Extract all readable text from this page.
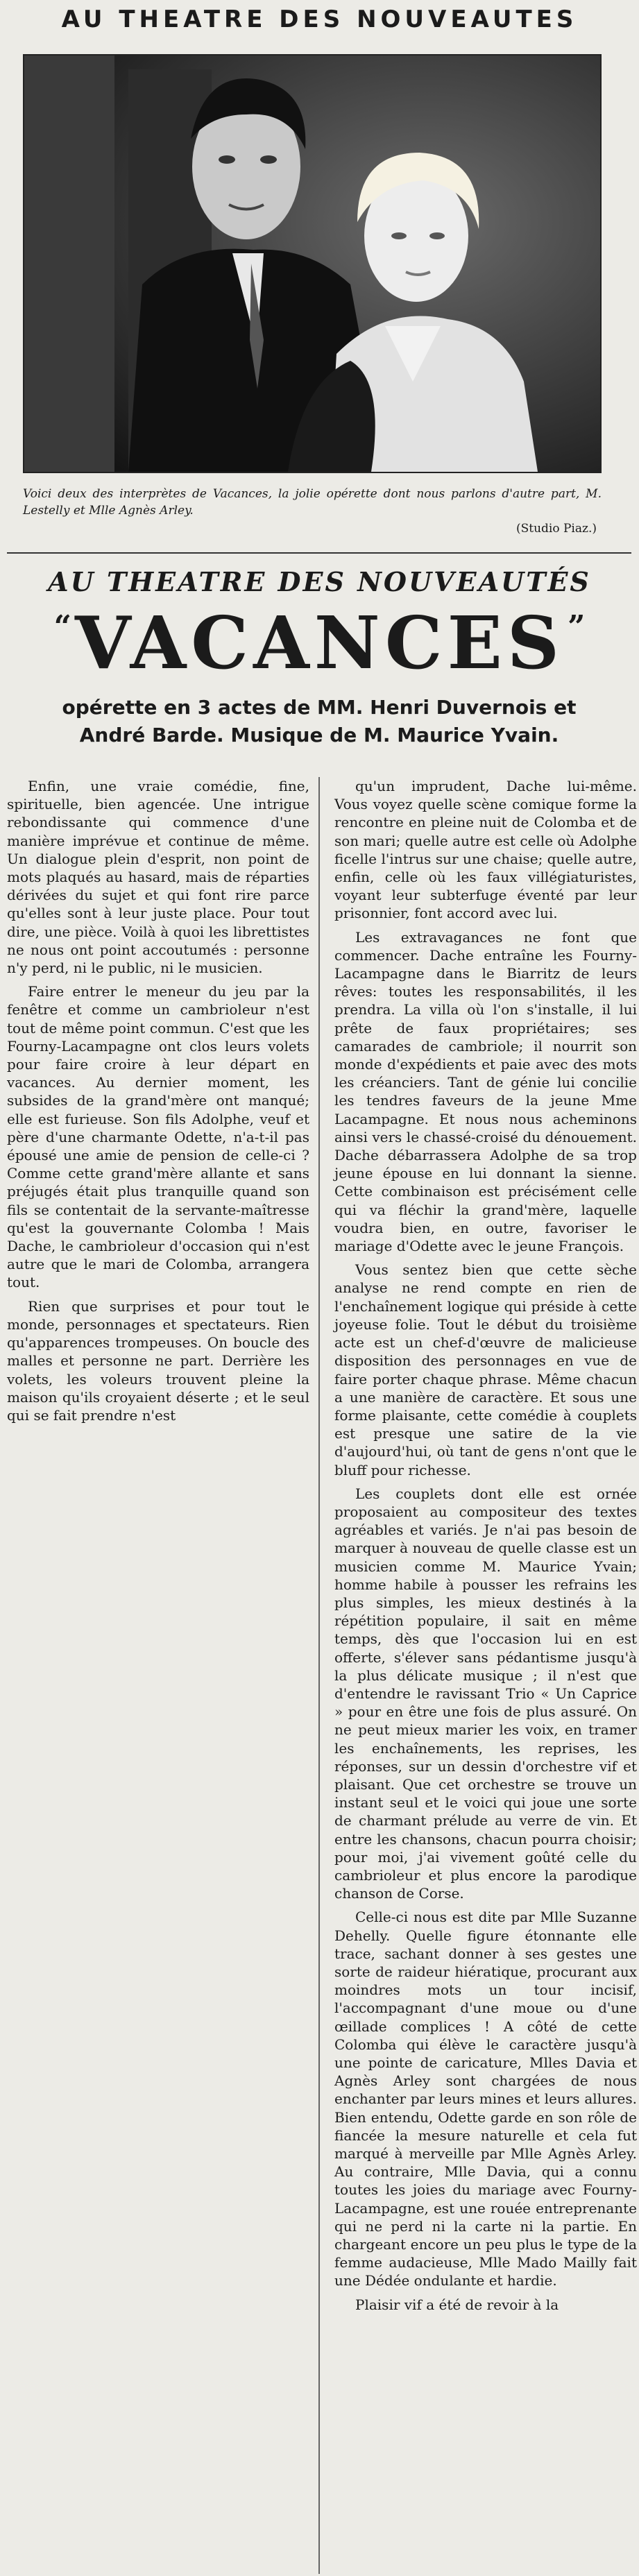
AU THEATRE DES NOUVEAUTES
Voici deux des interprètes de Vacances, la jolie opérette dont nous parlons d'autre part, M. Lestelly et Mlle Agnès Arley.
(Studio Piaz.)
AU THEATRE DES NOUVEAUTÉS
“ VACANCES ”
opérette en 3 actes de MM. Henri Duvernois et André Barde. Musique de M. Maurice Yvain.

Enfin, une vraie comédie, fine, spirituelle, bien agencée. Une intrigue rebondissante qui commence d'une manière imprévue et continue de même. Un dialogue plein d'esprit, non point de mots plaqués au hasard, mais de réparties dérivées du sujet et qui font rire parce qu'elles sont à leur juste place. Pour tout dire, une pièce. Voilà à quoi les librettistes ne nous ont point accoutumés : personne n'y perd, ni le public, ni le musicien.

Faire entrer le meneur du jeu par la fenêtre et comme un cambrioleur n'est tout de même point commun. C'est que les Fourny-Lacampagne ont clos leurs volets pour faire croire à leur départ en vacances. Au dernier moment, les subsides de la grand'mère ont manqué; elle est furieuse. Son fils Adolphe, veuf et père d'une charmante Odette, n'a-t-il pas épousé une amie de pension de celle-ci ? Comme cette grand'mère allante et sans préjugés était plus tranquille quand son fils se contentait de la servante-maîtresse qu'est la gouvernante Colomba ! Mais Dache, le cambrioleur d'occasion qui n'est autre que le mari de Colomba, arrangera tout.

Rien que surprises et pour tout le monde, personnages et spectateurs. Rien qu'apparences trompeuses. On boucle des malles et personne ne part. Derrière les volets, les voleurs trouvent pleine la maison qu'ils croyaient déserte ; et le seul qui se fait prendre n'est

qu'un imprudent, Dache lui-même. Vous voyez quelle scène comique forme la rencontre en pleine nuit de Colomba et de son mari; quelle autre est celle où Adolphe ficelle l'intrus sur une chaise; quelle autre, enfin, celle où les faux villégiaturistes, voyant leur subterfuge éventé par leur prisonnier, font accord avec lui.

Les extravagances ne font que commencer. Dache entraîne les Fourny-Lacampagne dans le Biarritz de leurs rêves: toutes les responsabilités, il les prendra. La villa où l'on s'installe, il lui prête de faux propriétaires; ses camarades de cambriole; il nourrit son monde d'expédients et paie avec des mots les créanciers. Tant de génie lui concilie les tendres faveurs de la jeune Mme Lacampagne. Et nous nous acheminons ainsi vers le chassé-croisé du dénouement. Dache débarrassera Adolphe de sa trop jeune épouse en lui donnant la sienne. Cette combinaison est précisément celle qui va fléchir la grand'mère, laquelle voudra bien, en outre, favoriser le mariage d'Odette avec le jeune François.

Vous sentez bien que cette sèche analyse ne rend compte en rien de l'enchaînement logique qui préside à cette joyeuse folie. Tout le début du troisième acte est un chef-d'œuvre de malicieuse disposition des personnages en vue de faire porter chaque phrase. Même chacun a une manière de caractère. Et sous une forme plaisante, cette comédie à couplets est presque une satire de la vie d'aujourd'hui, où tant de gens n'ont que le bluff pour richesse.

Les couplets dont elle est ornée proposaient au compositeur des textes agréables et variés. Je n'ai pas besoin de marquer à nouveau de quelle classe est un musicien comme M. Maurice Yvain; homme habile à pousser les refrains les plus simples, les mieux destinés à la répétition populaire, il sait en même temps, dès que l'occasion lui en est offerte, s'élever sans pédantisme jusqu'à la plus délicate musique ; il n'est que d'entendre le ravissant Trio « Un Caprice » pour en être une fois de plus assuré. On ne peut mieux marier les voix, en tramer les enchaînements, les reprises, les réponses, sur un dessin d'orchestre vif et plaisant. Que cet orchestre se trouve un instant seul et le voici qui joue une sorte de charmant prélude au verre de vin. Et entre les chansons, chacun pourra choisir; pour moi, j'ai vivement goûté celle du cambrioleur et plus encore la parodique chanson de Corse.

Celle-ci nous est dite par Mlle Suzanne Dehelly. Quelle figure étonnante elle trace, sachant donner à ses gestes une sorte de raideur hiératique, procurant aux moindres mots un tour incisif, l'accompagnant d'une moue ou d'une œillade complices ! A côté de cette Colomba qui élève le caractère jusqu'à une pointe de caricature, Mlles Davia et Agnès Arley sont chargées de nous enchanter par leurs mines et leurs allures. Bien entendu, Odette garde en son rôle de fiancée la mesure naturelle et cela fut marqué à merveille par Mlle Agnès Arley. Au contraire, Mlle Davia, qui a connu toutes les joies du mariage avec Fourny-Lacampagne, est une rouée entreprenante qui ne perd ni la carte ni la partie. En chargeant encore un peu plus le type de la femme audacieuse, Mlle Mado Mailly fait une Dédée ondulante et hardie.

Plaisir vif a été de revoir à la
